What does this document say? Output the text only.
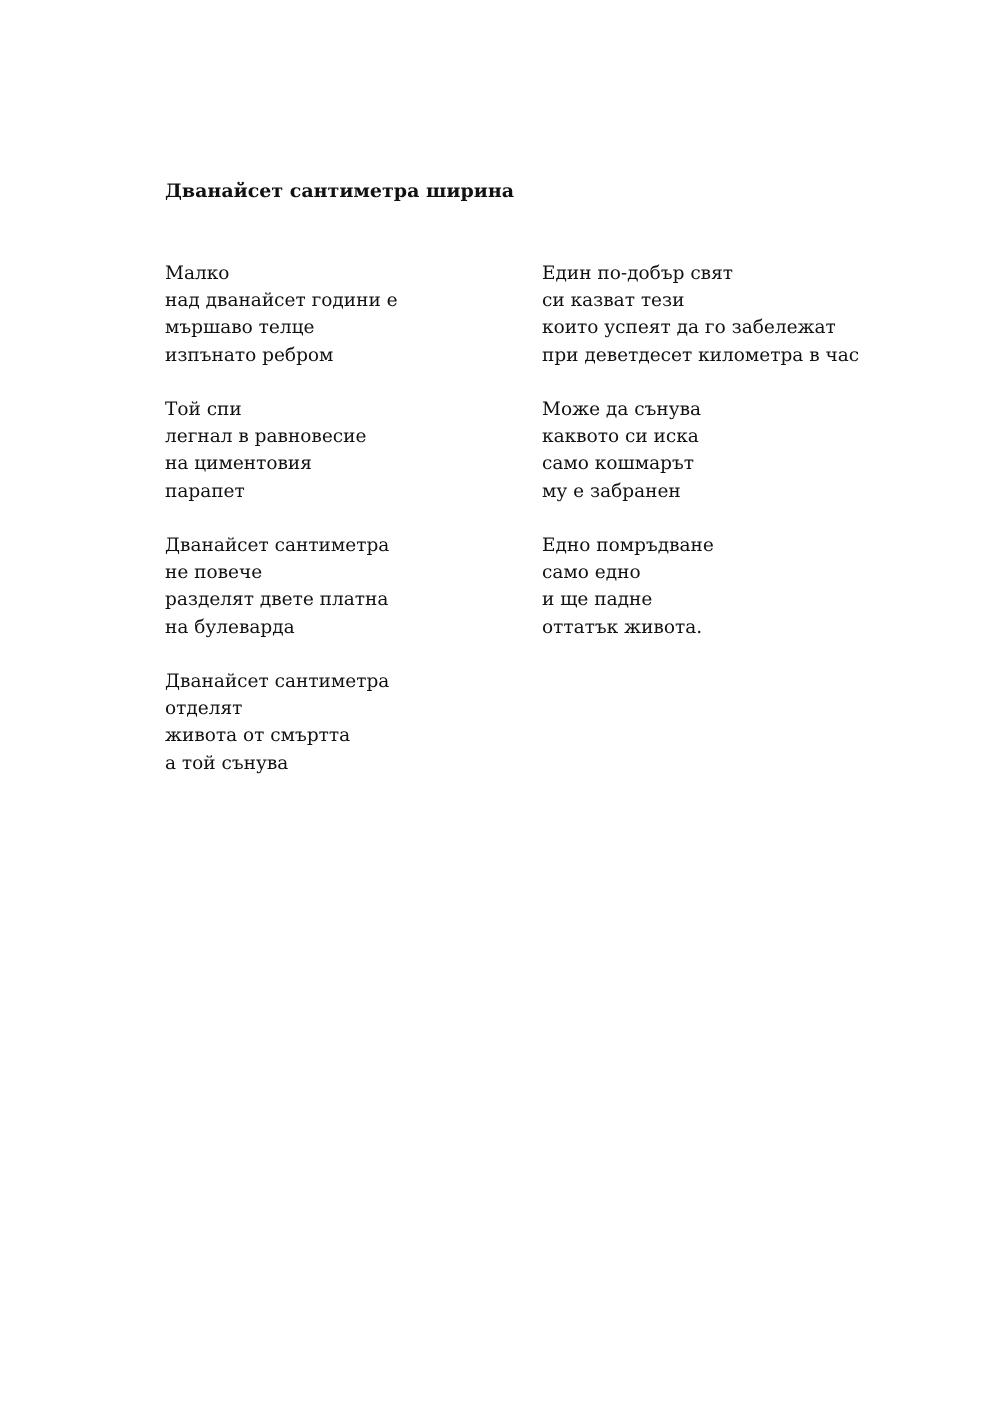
Дванайсет сантиметра ширина
Малко
над дванайсет години е
мършаво телце
изпънато ребром
Той спи
легнал в равновесие
на циментовия
парапет
Дванайсет сантиметра
не повече
разделят двете платна
на булеварда
Дванайсет сантиметра
отделят
живота от смъртта
а той сънува
Един по-добър свят
си казват тези
които успеят да го забележат
при деветдесет километра в час
Може да сънува
каквото си иска
само кошмарът
му е забранен
Едно помръдване
само едно
и ще падне
оттатък живота.
